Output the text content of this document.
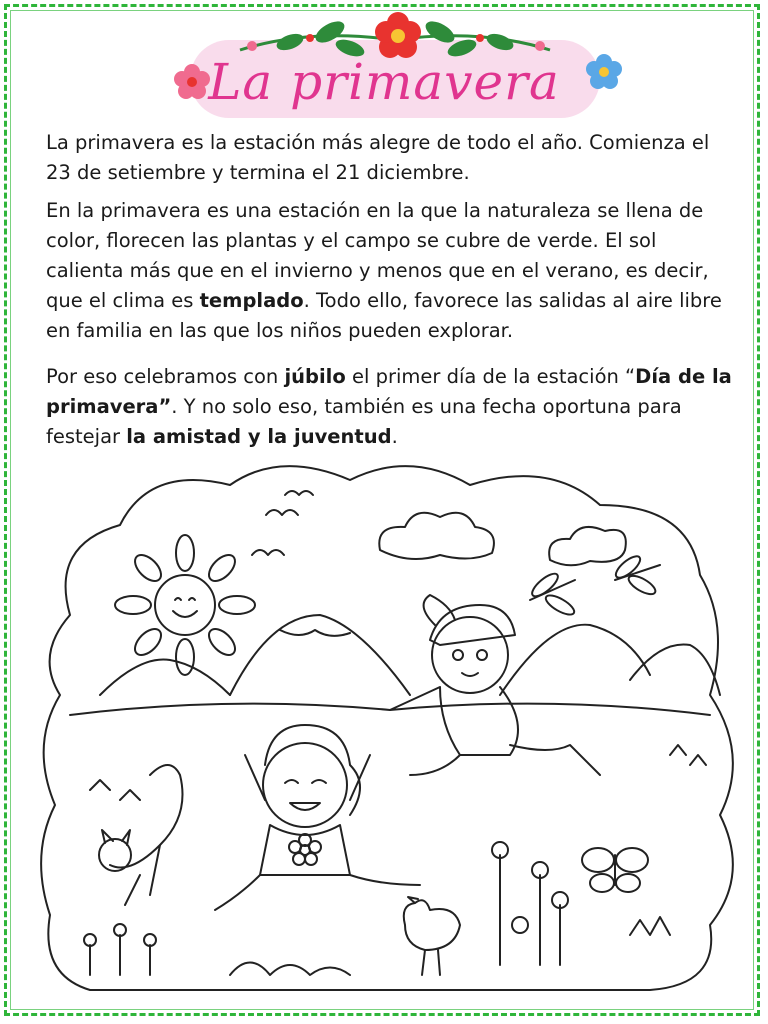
La primavera
La primavera es la estación más alegre de todo el año. Comienza el 23 de setiembre y termina el 21 diciembre.
En la primavera es una estación en la que la naturaleza se llena de color, florecen las plantas y el campo se cubre de verde. El sol calienta más que en el invierno y menos que en el verano, es decir, que el clima es templado. Todo ello, favorece las salidas al aire libre en familia en las que los niños pueden explorar.
Por eso celebramos con júbilo el primer día de la estación “Día de la primavera”. Y no solo eso, también es una fecha oportuna para festejar la amistad y la juventud.
